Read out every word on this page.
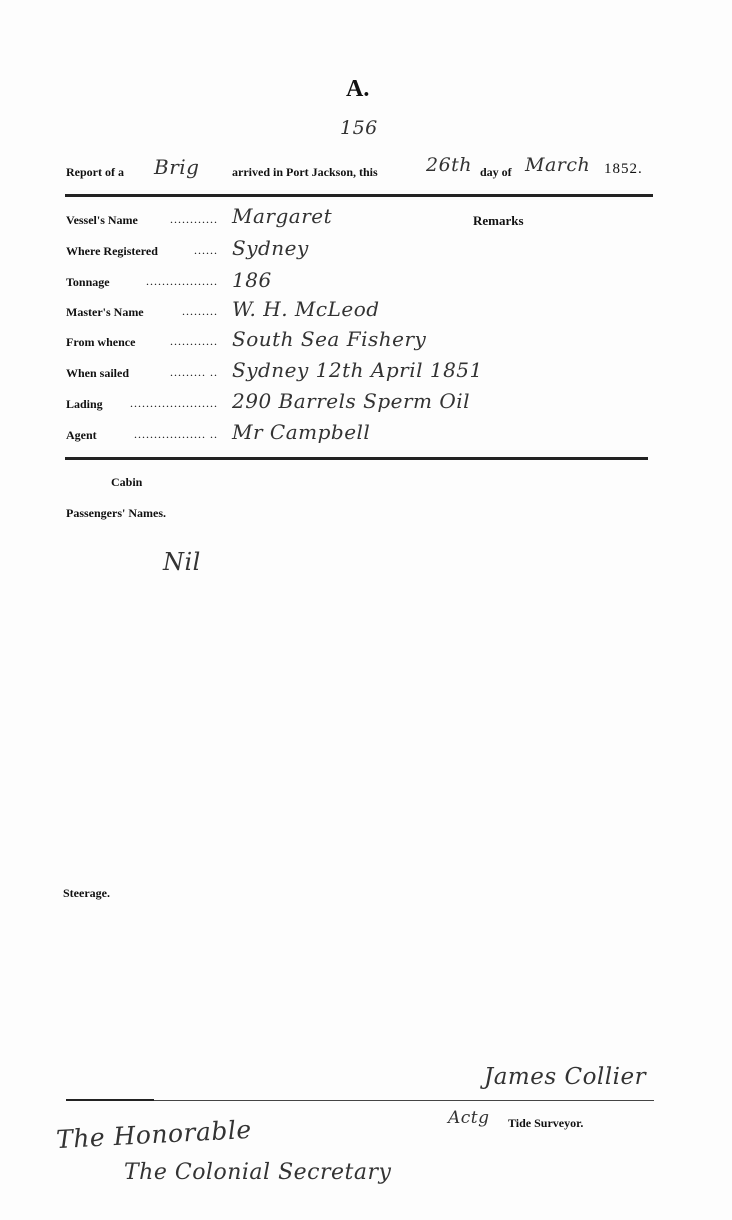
A.
156
Report of a Brig	arrived in Port Jackson, this	26th day of March 1852.
Remarks
Vessel's Name	............ Margaret
Where Registered	...... Sydney
Tonnage	.................. 186
Master's Name	......... W. H. McLeod
From whence	............ South Sea Fishery
When sailed	......... .. Sydney 12th April 1851
Lading ...................... 290 Barrels Sperm Oil
Agent	.................. .. Mr Campbell
Cabin
Passengers' Names.
Nil
Steerage.
James Collier
Actg Tide Surveyor.
The Honorable
The Colonial Secretary
